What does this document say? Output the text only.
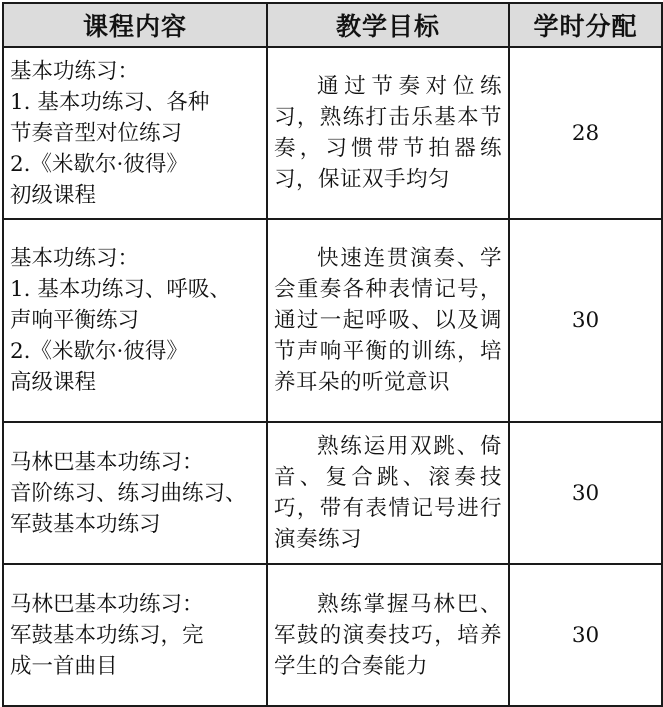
课程内容	教学目标	学时分配

基本功练习：
1. 基本功练习、各种
节奏音型对位练习
2.《米歇尔·彼得》
初级课程	通过节奏对位练习，熟练打击乐基本节奏，习惯带节拍器练习，保证双手均匀	28

基本功练习：
1. 基本功练习、呼吸、
声响平衡练习
2.《米歇尔·彼得》
高级课程	快速连贯演奏、学会重奏各种表情记号，通过一起呼吸、以及调节声响平衡的训练，培养耳朵的听觉意识	30

马林巴基本功练习：
音阶练习、练习曲练习、
军鼓基本功练习	熟练运用双跳、倚音、复合跳、滚奏技巧，带有表情记号进行演奏练习	30

马林巴基本功练习：
军鼓基本功练习，完
成一首曲目	熟练掌握马林巴、军鼓的演奏技巧，培养学生的合奏能力	30
